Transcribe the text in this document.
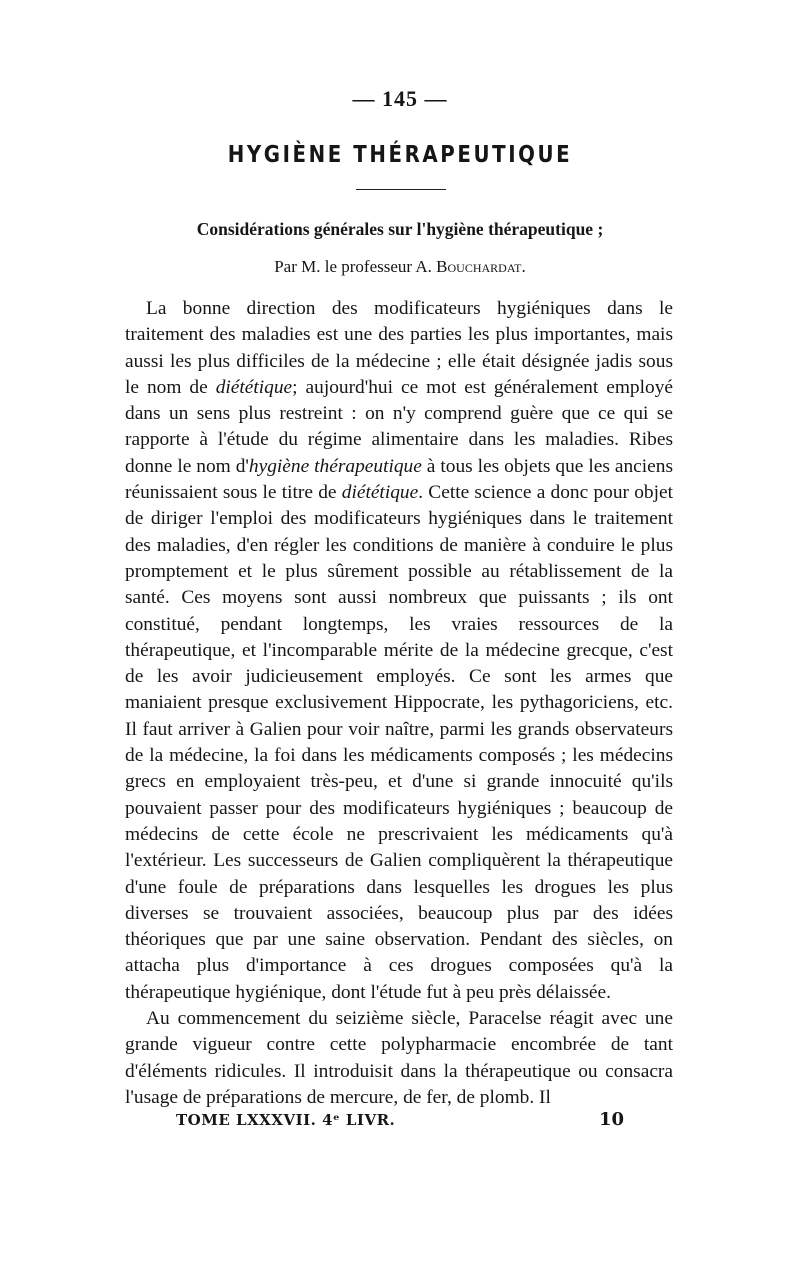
— 145 —
HYGIÈNE THÉRAPEUTIQUE
Considérations générales sur l'hygiène thérapeutique ;
Par M. le professeur A. Bouchardat.

La bonne direction des modificateurs hygiéniques dans le traitement des maladies est une des parties les plus importantes, mais aussi les plus difficiles de la médecine ; elle était désignée jadis sous le nom de diététique; aujourd'hui ce mot est généralement employé dans un sens plus restreint : on n'y comprend guère que ce qui se rapporte à l'étude du régime alimentaire dans les maladies. Ribes donne le nom d'hygiène thérapeutique à tous les objets que les anciens réunissaient sous le titre de diététique. Cette science a donc pour objet de diriger l'emploi des modificateurs hygiéniques dans le traitement des maladies, d'en régler les conditions de manière à conduire le plus promptement et le plus sûrement possible au rétablissement de la santé. Ces moyens sont aussi nombreux que puissants ; ils ont constitué, pendant longtemps, les vraies ressources de la thérapeutique, et l'incomparable mérite de la médecine grecque, c'est de les avoir judicieusement employés. Ce sont les armes que maniaient presque exclusivement Hippocrate, les pythagoriciens, etc. Il faut arriver à Galien pour voir naître, parmi les grands observateurs de la médecine, la foi dans les médicaments composés ; les médecins grecs en employaient très-peu, et d'une si grande innocuité qu'ils pouvaient passer pour des modificateurs hygiéniques ; beaucoup de médecins de cette école ne prescrivaient les médicaments qu'à l'extérieur. Les successeurs de Galien compliquèrent la thérapeutique d'une foule de préparations dans lesquelles les drogues les plus diverses se trouvaient associées, beaucoup plus par des idées théoriques que par une saine observation. Pendant des siècles, on attacha plus d'importance à ces drogues composées qu'à la thérapeutique hygiénique, dont l'étude fut à peu près délaissée.

Au commencement du seizième siècle, Paracelse réagit avec une grande vigueur contre cette polypharmacie encombrée de tant d'éléments ridicules. Il introduisit dans la thérapeutique ou consacra l'usage de préparations de mercure, de fer, de plomb. Il

TOME LXXXVII. 4ᵉ LIVR.	10
